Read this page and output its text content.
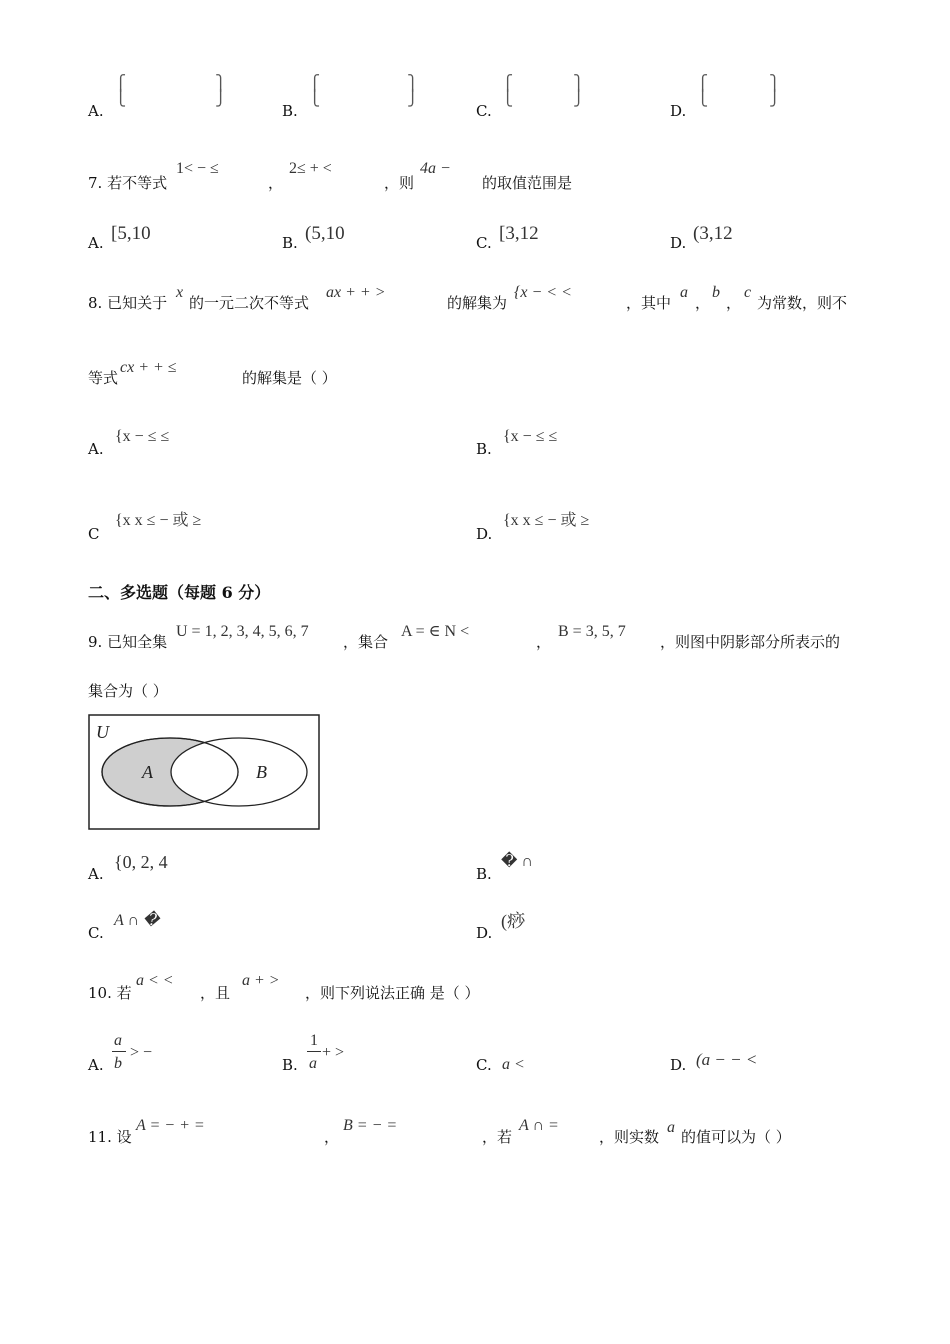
A.
⎧
⎩
⎫
⎭
B.
⎧
⎩
⎫
⎭
C.
⎧
⎩
⎫
⎭
D.
⎧
⎩
⎫
⎭
7. 若不等式
1< − ≤
，
2≤ + <
，则
4a −
的取值范围是
A. [5,10	B. (5,10	C. [3,12	D. (3,12
8. 已知关于
x
的一元二次不等式
ax + + >
的解集为
{x − < <
，其中
a
，
b
，
c
为常数，则不
等式
cx + + ≤
的解集是（ ）
A.
{x − ≤ ≤
B.
{x − ≤ ≤
C
{x x ≤ − 或 ≥
D.
{x x ≤ − 或 ≥
二、多选题（每题 6 分）
9. 已知全集
U = 1, 2, 3, 4, 5, 6, 7
，集合
A = ∈ N <
，
B = 3, 5, 7
，则图中阴影部分所表示的
集合为（ ）
U
A	B
A.
{0, 2, 4
B.
� ∩
C.
A ∩ �
D.
(痧
10. 若
a < <
，且
a + >
，则下列说法正确 是（ ）
A.
a
b
> −
B.
1
a
+ >
C. a <	D. (a − − <
11. 设
A = − + =
，
B = − =
，若
A ∩ =
，则实数
a
的值可以为（ ）
